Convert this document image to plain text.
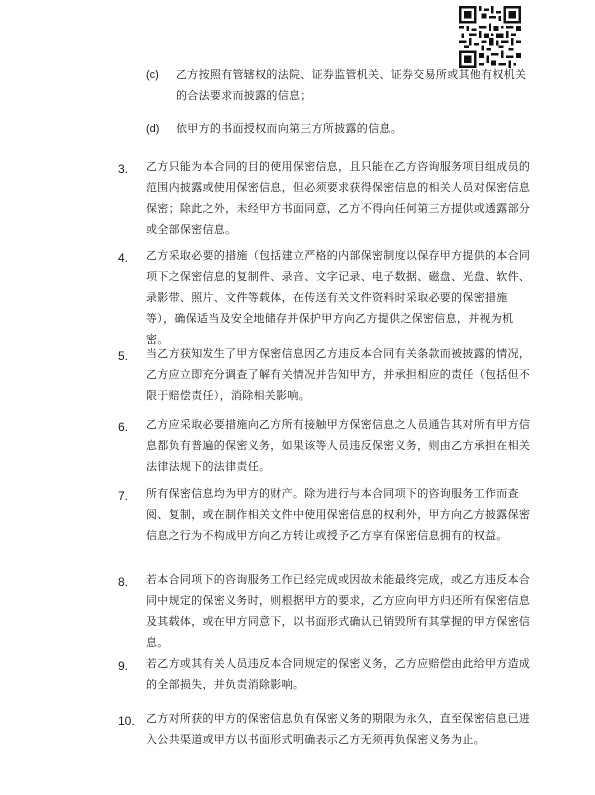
(c) 乙方按照有管辖权的法院、证券监管机关、证券交易所或其他有权机关的合法要求而披露的信息；
(d) 依甲方的书面授权而向第三方所披露的信息。
3. 乙方只能为本合同的目的使用保密信息，且只能在乙方咨询服务项目组成员的范围内披露或使用保密信息，但必须要求获得保密信息的相关人员对保密信息保密；除此之外，未经甲方书面同意，乙方不得向任何第三方提供或透露部分或全部保密信息。
4. 乙方采取必要的措施（包括建立严格的内部保密制度以保存甲方提供的本合同项下之保密信息的复制件、录音、文字记录、电子数据、磁盘、光盘、软件、录影带、照片、文件等载体，在传送有关文件资料时采取必要的保密措施等），确保适当及安全地储存并保护甲方向乙方提供之保密信息，并视为机密。
5. 当乙方获知发生了甲方保密信息因乙方违反本合同有关条款而被披露的情况，乙方应立即充分调查了解有关情况并告知甲方，并承担相应的责任（包括但不限于赔偿责任），消除相关影响。
6. 乙方应采取必要措施向乙方所有接触甲方保密信息之人员通告其对所有甲方信息都负有普遍的保密义务，如果该等人员违反保密义务，则由乙方承担在相关法律法规下的法律责任。
7. 所有保密信息均为甲方的财产。除为进行与本合同项下的咨询服务工作而查阅、复制，或在制作相关文件中使用保密信息的权利外，甲方向乙方披露保密信息之行为不构成甲方向乙方转让或授予乙方享有保密信息拥有的权益。
8. 若本合同项下的咨询服务工作已经完成或因故未能最终完成，或乙方违反本合同中规定的保密义务时，则根据甲方的要求，乙方应向甲方归还所有保密信息及其载体，或在甲方同意下，以书面形式确认已销毁所有其掌握的甲方保密信息。
9. 若乙方或其有关人员违反本合同规定的保密义务，乙方应赔偿由此给甲方造成的全部损失，并负责消除影响。
10. 乙方对所获的甲方的保密信息负有保密义务的期限为永久，直至保密信息已进入公共渠道或甲方以书面形式明确表示乙方无须再负保密义务为止。
